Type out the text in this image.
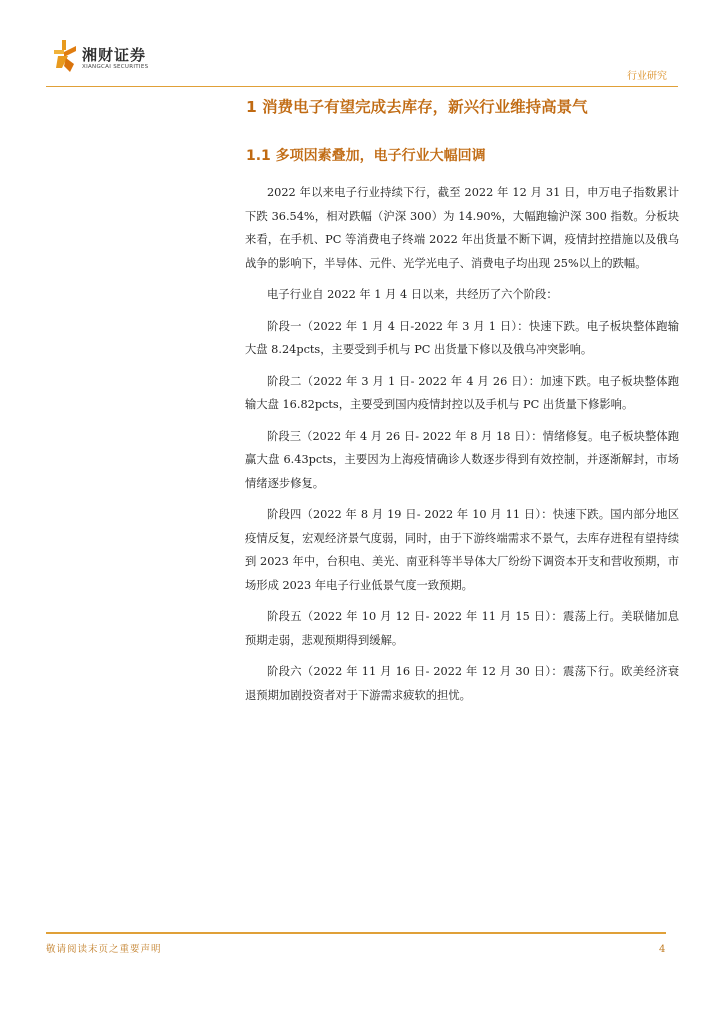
湘财证券
XIANGCAI SECURITIES
行业研究
1 消费电子有望完成去库存，新兴行业维持高景气
1.1 多项因素叠加，电子行业大幅回调

2022 年以来电子行业持续下行，截至 2022 年 12 月 31 日，申万电子指数累计下跌 36.54%，相对跌幅（沪深 300）为 14.90%，大幅跑输沪深 300 指数。分板块来看，在手机、PC 等消费电子终端 2022 年出货量不断下调，疫情封控措施以及俄乌战争的影响下，半导体、元件、光学光电子、消费电子均出现 25%以上的跌幅。

电子行业自 2022 年 1 月 4 日以来，共经历了六个阶段：

阶段一（2022 年 1 月 4 日-2022 年 3 月 1 日）：快速下跌。电子板块整体跑输大盘 8.24pcts，主要受到手机与 PC 出货量下修以及俄乌冲突影响。

阶段二（2022 年 3 月 1 日- 2022 年 4 月 26 日）：加速下跌。电子板块整体跑输大盘 16.82pcts，主要受到国内疫情封控以及手机与 PC 出货量下修影响。

阶段三（2022 年 4 月 26 日- 2022 年 8 月 18 日）：情绪修复。电子板块整体跑赢大盘 6.43pcts，主要因为上海疫情确诊人数逐步得到有效控制，并逐渐解封，市场情绪逐步修复。

阶段四（2022 年 8 月 19 日- 2022 年 10 月 11 日）：快速下跌。国内部分地区疫情反复，宏观经济景气度弱，同时，由于下游终端需求不景气，去库存进程有望持续到 2023 年中，台积电、美光、南亚科等半导体大厂纷纷下调资本开支和营收预期，市场形成 2023 年电子行业低景气度一致预期。

阶段五（2022 年 10 月 12 日- 2022 年 11 月 15 日）：震荡上行。美联储加息预期走弱，悲观预期得到缓解。

阶段六（2022 年 11 月 16 日- 2022 年 12 月 30 日）：震荡下行。欧美经济衰退预期加剧投资者对于下游需求疲软的担忧。

敬请阅读末页之重要声明	4
